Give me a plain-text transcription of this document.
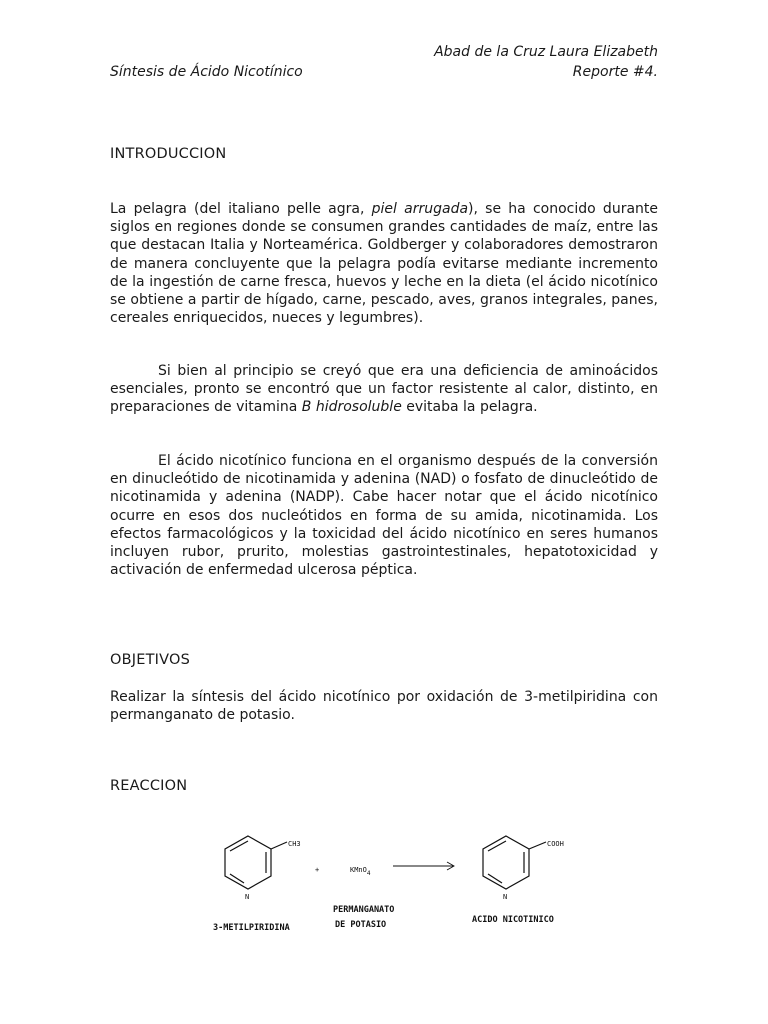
Abad de la Cruz Laura Elizabeth
Síntesis de Ácido Nicotínico	Reporte #4.
INTRODUCCION

La pelagra (del italiano pelle agra, piel arrugada), se ha conocido durante siglos en regiones donde se consumen grandes cantidades de maíz, entre las que destacan Italia y Norteamérica. Goldberger y colaboradores demostraron de manera concluyente que la pelagra podía evitarse mediante incremento de la ingestión de carne fresca, huevos y leche en la dieta (el ácido nicotínico se obtiene a partir de hígado, carne, pescado, aves, granos integrales, panes, cereales enriquecidos, nueces y legumbres).

Si bien al principio se creyó que era una deficiencia de aminoácidos esenciales, pronto se encontró que un factor resistente al calor, distinto, en preparaciones de vitamina B hidrosoluble evitaba la pelagra.

El ácido nicotínico funciona en el organismo después de la conversión en dinucleótido de nicotinamida y adenina (NAD) o fosfato de dinucleótido de nicotinamida y adenina (NADP). Cabe hacer notar que el ácido nicotínico ocurre en esos dos nucleótidos en forma de su amida, nicotinamida. Los efectos farmacológicos y la toxicidad del ácido nicotínico en seres humanos incluyen rubor, prurito, molestias gastrointestinales, hepatotoxicidad y activación de enfermedad ulcerosa péptica.

OBJETIVOS

Realizar la síntesis del ácido nicotínico por oxidación de 3-metilpiridina con permanganato de potasio.

REACCION
CH3
N
+	KMnO4
COOH
N
3-METILPIRIDINA
PERMANGANATO
DE POTASIO	ACIDO NICOTINICO
